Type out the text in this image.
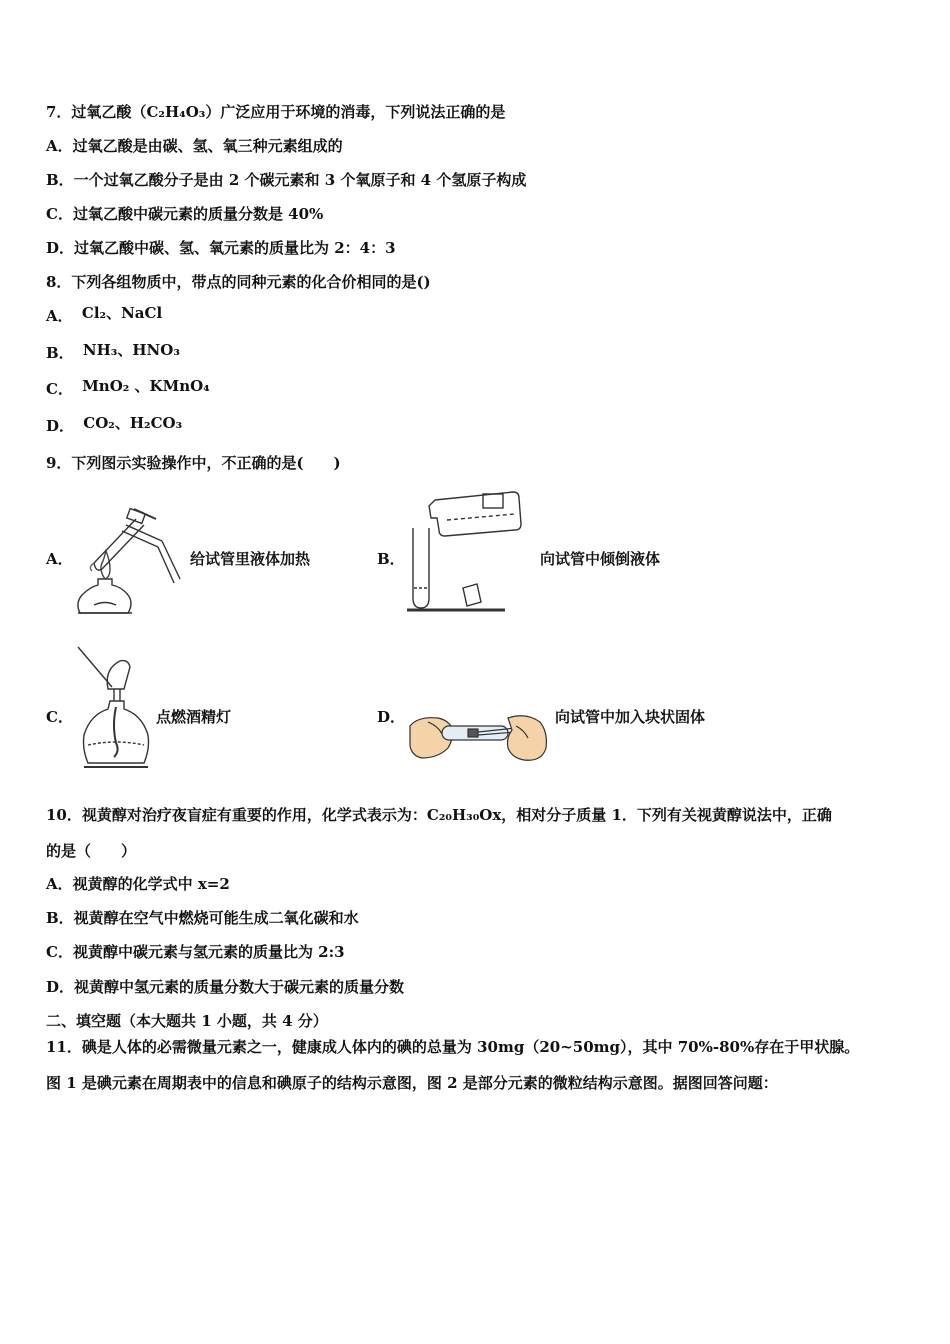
7．过氧乙酸（C₂H₄O₃）广泛应用于环境的消毒，下列说法正确的是
A．过氧乙酸是由碳、氢、氧三种元素组成的
B．一个过氧乙酸分子是由 2 个碳元素和 3 个氧原子和 4 个氢原子构成
C．过氧乙酸中碳元素的质量分数是 40%
D．过氧乙酸中碳、氢、氧元素的质量比为 2：4：3
8．下列各组物质中，带点的同种元素的化合价相同的是()
A． Cl₂、NaCl
B． NH₃、HNO₃
C． MnO₂ 、KMnO₄
D． CO₂、H₂CO₃
9．下列图示实验操作中，不正确的是(　　)
A．	给试管里液体加热	B．	向试管中倾倒液体
C．	点燃酒精灯	D．	向试管中加入块状固体
10．视黄醇对治疗夜盲症有重要的作用，化学式表示为：C₂₀H₃₀Ox，相对分子质量 1．下列有关视黄醇说法中，正确
的是（　　）
A．视黄醇的化学式中 x=2
B．视黄醇在空气中燃烧可能生成二氧化碳和水
C．视黄醇中碳元素与氢元素的质量比为 2:3
D．视黄醇中氢元素的质量分数大于碳元素的质量分数
二、填空题（本大题共 1 小题，共 4 分）
11．碘是人体的必需微量元素之一，健康成人体内的碘的总量为 30mg（20~50mg），其中 70%-80%存在于甲状腺。
图 1 是碘元素在周期表中的信息和碘原子的结构示意图，图 2 是部分元素的微粒结构示意图。据图回答问题：
